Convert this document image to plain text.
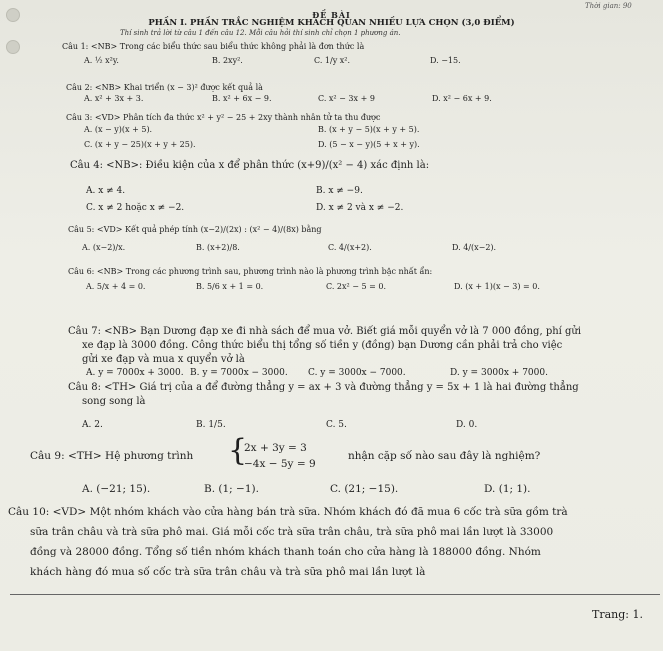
Thời gian: 90
ĐỀ BÀI
PHẦN I. PHẦN TRẮC NGHIỆM KHÁCH QUAN NHIỀU LỰA CHỌN (3,0 ĐIỂM)
Thí sinh trả lời từ câu 1 đến câu 12. Mỗi câu hỏi thí sinh chỉ chọn 1 phương án.
Câu 1: <NB> Trong các biểu thức sau biểu thức không phải là đơn thức là
A. ½ x²y.	B. 2xy².	C. 1/y x².	D. −15.
Câu 2: <NB> Khai triển (x − 3)² được kết quả là
A. x² + 3x + 3.	B. x² + 6x − 9.	C. x² − 3x + 9	D. x² − 6x + 9.
Câu 3: <VD> Phân tích đa thức x² + y² − 25 + 2xy thành nhân tử ta thu được
A. (x − y)(x + 5).	B. (x + y − 5)(x + y + 5).
C. (x + y − 25)(x + y + 25).	D. (5 − x − y)(5 + x + y).
Câu 4: <NB>: Điều kiện của x để phân thức (x+9)/(x² − 4) xác định là:
A. x ≠ 4.	B. x ≠ −9.
C. x ≠ 2 hoặc x ≠ −2.	D. x ≠ 2 và x ≠ −2.
Câu 5: <VD> Kết quả phép tính (x−2)/(2x) : (x² − 4)/(8x) bằng
A. (x−2)/x.	B. (x+2)/8.	C. 4/(x+2).	D. 4/(x−2).
Câu 6: <NB> Trong các phương trình sau, phương trình nào là phương trình bậc nhất ẩn:
A. 5/x + 4 = 0.	B. 5/6 x + 1 = 0.	C. 2x² − 5 = 0.	D. (x + 1)(x − 3) = 0.
Câu 7: <NB> Bạn Dương đạp xe đi nhà sách để mua vở. Biết giá mỗi quyển vở là 7 000 đồng, phí gửi
xe đạp là 3000 đồng. Công thức biểu thị tổng số tiền y (đồng) bạn Dương cần phải trả cho việc
gửi xe đạp và mua x quyển vở là
A. y = 7000x + 3000. B. y = 7000x − 3000. C. y = 3000x − 7000.	D. y = 3000x + 7000.
Câu 8: <TH> Giá trị của a để đường thẳng y = ax + 3 và đường thẳng y = 5x + 1 là hai đường thẳng
song song là
A. 2.	B. 1/5.	C. 5.	D. 0.
Câu 9: <TH> Hệ phương trình {
2x + 3y = 3
−4x − 5y = 9
nhận cặp số nào sau đây là nghiệm?
A. (−21; 15).	B. (1; −1).	C. (21; −15).	D. (1; 1).
Câu 10: <VD> Một nhóm khách vào cửa hàng bán trà sữa. Nhóm khách đó đã mua 6 cốc trà sữa gồm trà
sữa trân châu và trà sữa phô mai. Giá mỗi cốc trà sữa trân châu, trà sữa phô mai lần lượt là 33000
đồng và 28000 đồng. Tổng số tiền nhóm khách thanh toán cho cửa hàng là 188000 đồng. Nhóm
khách hàng đó mua số cốc trà sữa trân châu và trà sữa phô mai lần lượt là
Trang: 1.
